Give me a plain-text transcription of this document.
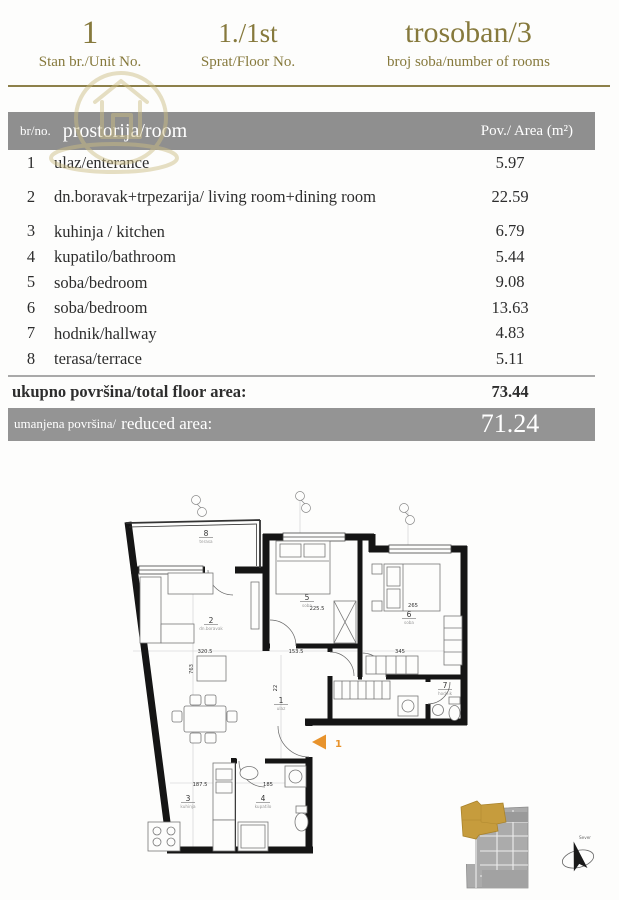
1
Stan br./Unit No.
1./1st
Sprat/Floor No.
trosoban/3
broj soba/number of rooms
br/no. prostorija/room	Pov./ Area (m²)
1	ulaz/enterance	5.97
2	dn.boravak+trpezarija/ living room+dining room	22.59
3	kuhinja / kitchen	6.79
4	kupatilo/bathroom	5.44
5	soba/bedroom	9.08
6	soba/bedroom	13.63
7	hodnik/hallway	4.83
8	terasa/terrace	5.11
ukupno površina/total floor area:	73.44
umanjena površina/ reduced area:	71.24
320.5	153.5	345
225.5	265
763
187.5	185
22
1
2
3	4
5
6
7
8
ulaz
dn.boravak
kuhinja	kupatilo
soba
soba
hodnik
terasa
1
Sever
